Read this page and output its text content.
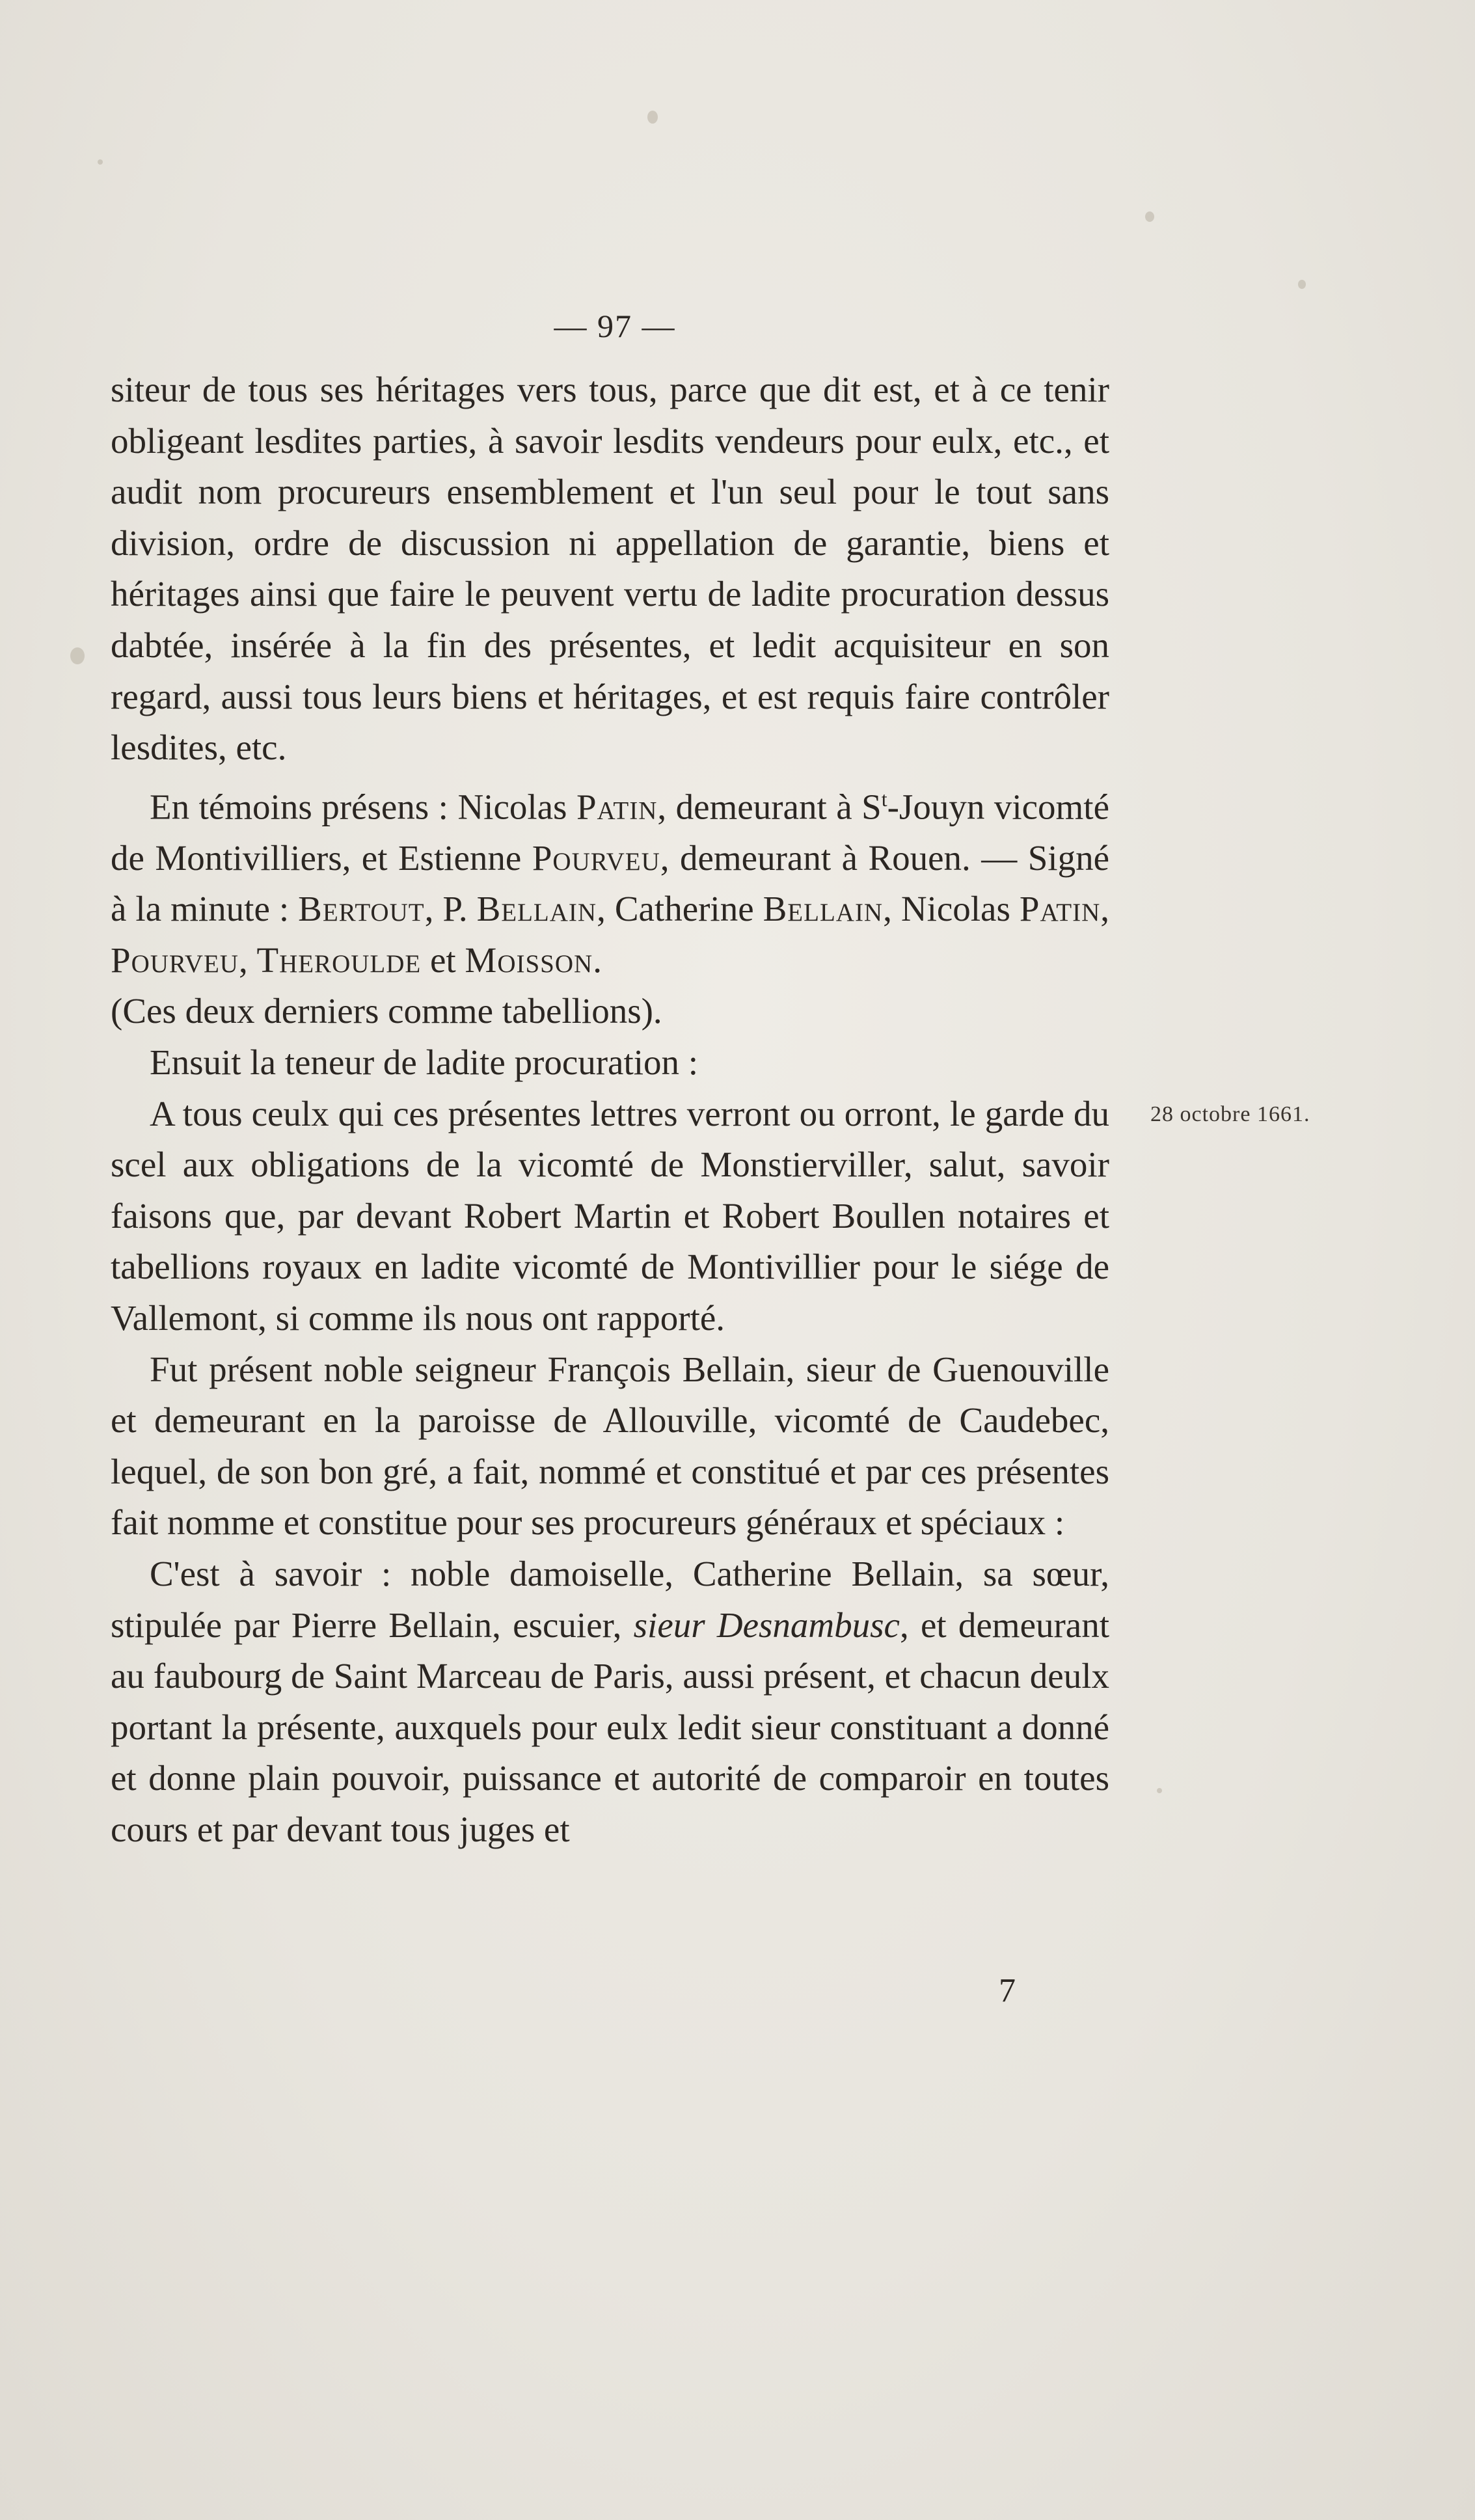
— 97 —
28 octobre 1661.

siteur de tous ses héritages vers tous, parce que dit est, et à ce tenir obligeant lesdites parties, à savoir lesdits vendeurs pour eulx, etc., et audit nom procureurs ensemblement et l'un seul pour le tout sans division, ordre de discussion ni appellation de garantie, biens et héritages ainsi que faire le peuvent vertu de ladite procuration dessus dabtée, insérée à la fin des présentes, et ledit acquisiteur en son regard, aussi tous leurs biens et héritages, et est requis faire contrôler lesdites, etc.

En témoins présens : Nicolas Patin, demeurant à $S^t$-Jouyn vicomté de Montivilliers, et Estienne Pourveu, demeurant à Rouen. — Signé à la minute : Bertout, P. Bellain, Catherine Bellain, Nicolas Patin, Pourveu, Theroulde et Moisson.

(Ces deux derniers comme tabellions).

Ensuit la teneur de ladite procuration :

A tous ceulx qui ces présentes lettres verront ou orront, le garde du scel aux obligations de la vicomté de Monstierviller, salut, savoir faisons que, par devant Robert Martin et Robert Boullen notaires et tabellions royaux en ladite vicomté de Montivillier pour le siége de Vallemont, si comme ils nous ont rapporté.

Fut présent noble seigneur François Bellain, sieur de Guenouville et demeurant en la paroisse de Allouville, vicomté de Caudebec, lequel, de son bon gré, a fait, nommé et constitué et par ces présentes fait nomme et constitue pour ses procureurs généraux et spéciaux :

C'est à savoir : noble damoiselle, Catherine Bellain, sa sœur, stipulée par Pierre Bellain, escuier, sieur Desnambusc, et demeurant au faubourg de Saint Marceau de Paris, aussi présent, et chacun deulx portant la présente, auxquels pour eulx ledit sieur constituant a donné et donne plain pouvoir, puissance et autorité de comparoir en toutes cours et par devant tous juges et

7
